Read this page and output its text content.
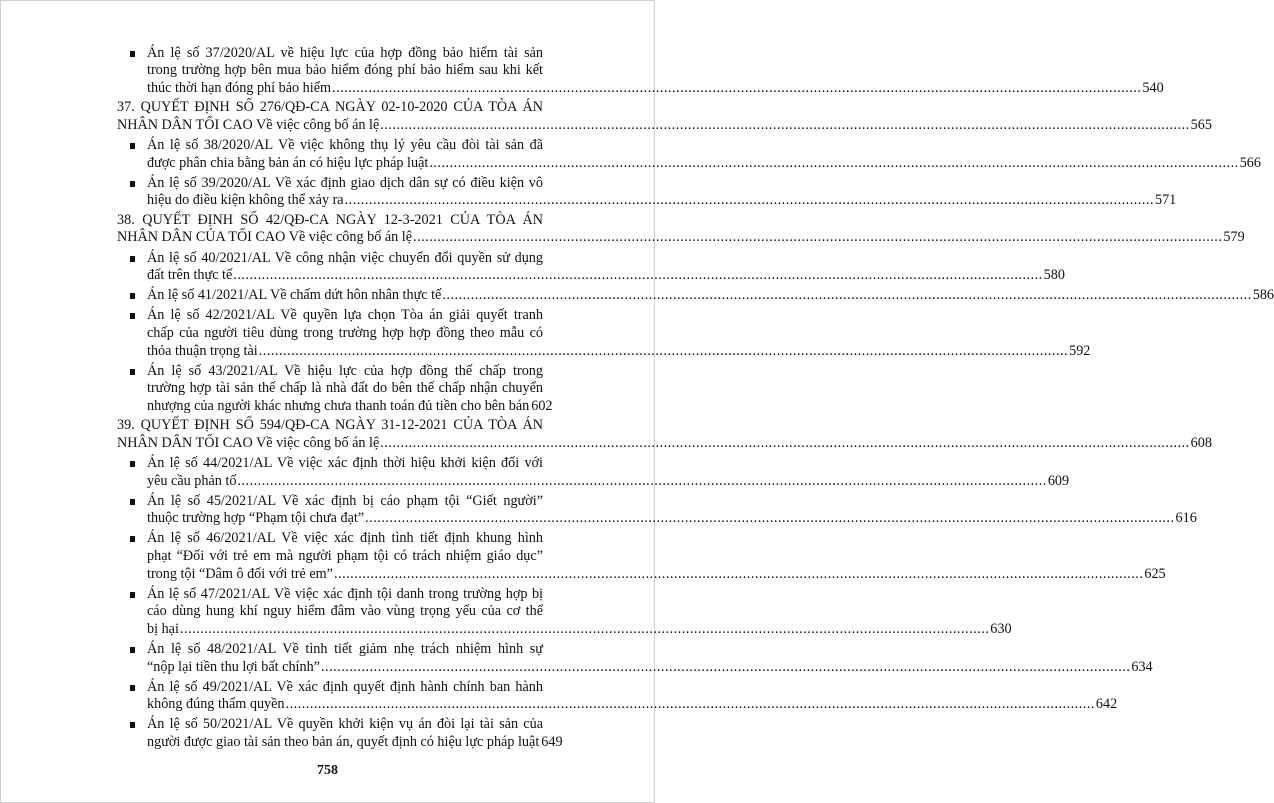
Án lệ số 37/2020/AL về hiệu lực của hợp đồng bảo hiểm tài sản
trong trường hợp bên mua bảo hiểm đóng phí bảo hiểm sau khi kết
thúc thời hạn đóng phí bảo hiểm ........................................................................................................................................................................................................ 540
37. QUYẾT ĐỊNH SỐ 276/QĐ-CA NGÀY 02-10-2020 CỦA TÒA ÁN
NHÂN DÂN TỐI CAO Về việc công bố án lệ ........................................................................................................................................................................................................ 565
Án lệ số 38/2020/AL Về việc không thụ lý yêu cầu đòi tài sản đã
được phân chia bằng bản án có hiệu lực pháp luật ........................................................................................................................................................................................................ 566
Án lệ số 39/2020/AL Về xác định giao dịch dân sự có điều kiện vô
hiệu do điều kiện không thể xảy ra ........................................................................................................................................................................................................ 571
38. QUYẾT ĐỊNH SỐ 42/QĐ-CA NGÀY 12-3-2021 CỦA TÒA ÁN
NHÂN DÂN CỦA TỐI CAO Về việc công bố án lệ ........................................................................................................................................................................................................ 579
Án lệ số 40/2021/AL Về công nhận việc chuyển đổi quyền sử dụng
đất trên thực tế ........................................................................................................................................................................................................ 580
Án lệ số 41/2021/AL Về chấm dứt hôn nhân thực tế ........................................................................................................................................................................................................ 586
Án lệ số 42/2021/AL Về quyền lựa chọn Tòa án giải quyết tranh
chấp của người tiêu dùng trong trường hợp hợp đồng theo mẫu có
thỏa thuận trọng tài ........................................................................................................................................................................................................ 592
Án lệ số 43/2021/AL Về hiệu lực của hợp đồng thế chấp trong
trường hợp tài sản thế chấp là nhà đất do bên thế chấp nhận chuyển
nhượng của người khác nhưng chưa thanh toán đủ tiền cho bên bán 602
39. QUYẾT ĐỊNH SỐ 594/QĐ-CA NGÀY 31-12-2021 CỦA TÒA ÁN
NHÂN DÂN TỐI CAO Về việc công bố án lệ ........................................................................................................................................................................................................ 608
Án lệ số 44/2021/AL Về việc xác định thời hiệu khởi kiện đối với
yêu cầu phản tố ........................................................................................................................................................................................................ 609
Án lệ số 45/2021/AL Về xác định bị cáo phạm tội “Giết người”
thuộc trường hợp “Phạm tội chưa đạt” ........................................................................................................................................................................................................ 616
Án lệ số 46/2021/AL Về việc xác định tình tiết định khung hình
phạt “Đối với trẻ em mà người phạm tội có trách nhiệm giáo dục”
trong tội “Dâm ô đối với trẻ em” ........................................................................................................................................................................................................ 625
Án lệ số 47/2021/AL Về việc xác định tội danh trong trường hợp bị
cáo dùng hung khí nguy hiểm đâm vào vùng trọng yếu của cơ thể
bị hại ........................................................................................................................................................................................................ 630
Án lệ số 48/2021/AL Về tình tiết giảm nhẹ trách nhiệm hình sự
“nộp lại tiền thu lợi bất chính” ........................................................................................................................................................................................................ 634
Án lệ số 49/2021/AL Về xác định quyết định hành chính ban hành
không đúng thẩm quyền ........................................................................................................................................................................................................ 642
Án lệ số 50/2021/AL Về quyền khởi kiện vụ án đòi lại tài sản của
người được giao tài sản theo bản án, quyết định có hiệu lực pháp luật 649
758
